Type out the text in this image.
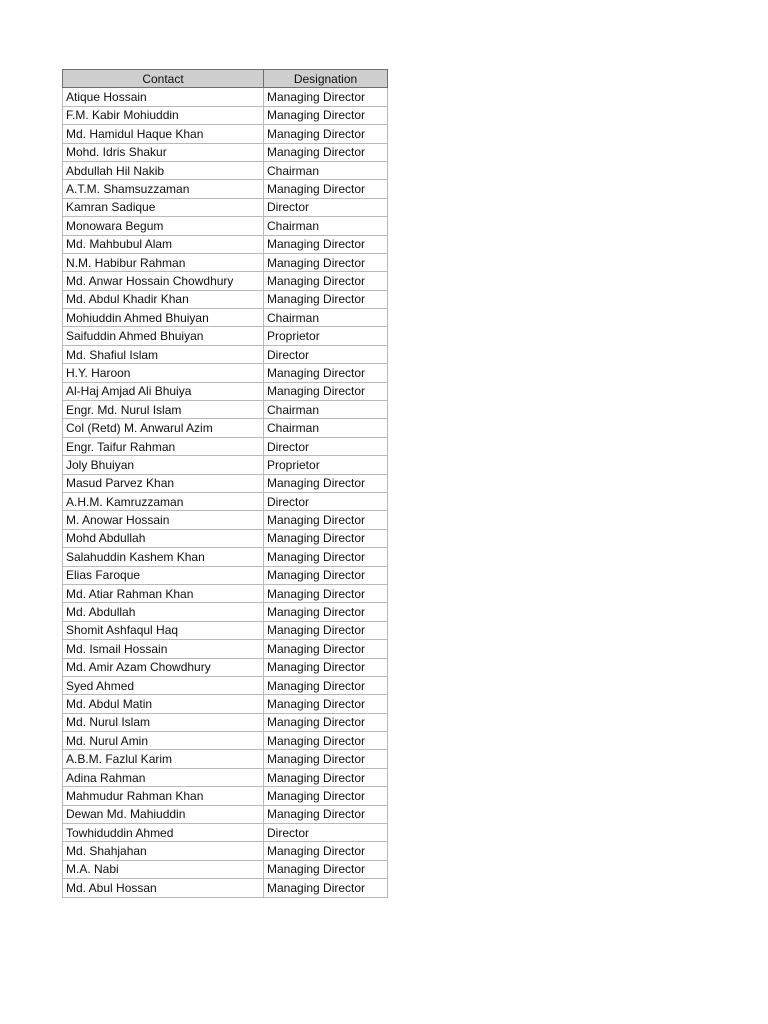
Contact	Designation
Atique Hossain	Managing Director
F.M. Kabir Mohiuddin	Managing Director
Md. Hamidul Haque Khan	Managing Director
Mohd. Idris Shakur	Managing Director
Abdullah Hil Nakib	Chairman
A.T.M. Shamsuzzaman	Managing Director
Kamran Sadique	Director
Monowara Begum	Chairman
Md. Mahbubul Alam	Managing Director
N.M. Habibur Rahman	Managing Director
Md. Anwar Hossain Chowdhury	Managing Director
Md. Abdul Khadir Khan	Managing Director
Mohiuddin Ahmed Bhuiyan	Chairman
Saifuddin Ahmed Bhuiyan	Proprietor
Md. Shafiul Islam	Director
H.Y. Haroon	Managing Director
Al-Haj Amjad Ali Bhuiya	Managing Director
Engr. Md. Nurul Islam	Chairman
Col (Retd) M. Anwarul Azim	Chairman
Engr. Taifur Rahman	Director
Joly Bhuiyan	Proprietor
Masud Parvez Khan	Managing Director
A.H.M. Kamruzzaman	Director
M. Anowar Hossain	Managing Director
Mohd Abdullah	Managing Director
Salahuddin Kashem Khan	Managing Director
Elias Faroque	Managing Director
Md. Atiar Rahman Khan	Managing Director
Md. Abdullah	Managing Director
Shomit Ashfaqul Haq	Managing Director
Md. Ismail Hossain	Managing Director
Md. Amir Azam Chowdhury	Managing Director
Syed Ahmed	Managing Director
Md. Abdul Matin	Managing Director
Md. Nurul Islam	Managing Director
Md. Nurul Amin	Managing Director
A.B.M. Fazlul Karim	Managing Director
Adina Rahman	Managing Director
Mahmudur Rahman Khan	Managing Director
Dewan Md. Mahiuddin	Managing Director
Towhiduddin Ahmed	Director
Md. Shahjahan	Managing Director
M.A. Nabi	Managing Director
Md. Abul Hossan	Managing Director
